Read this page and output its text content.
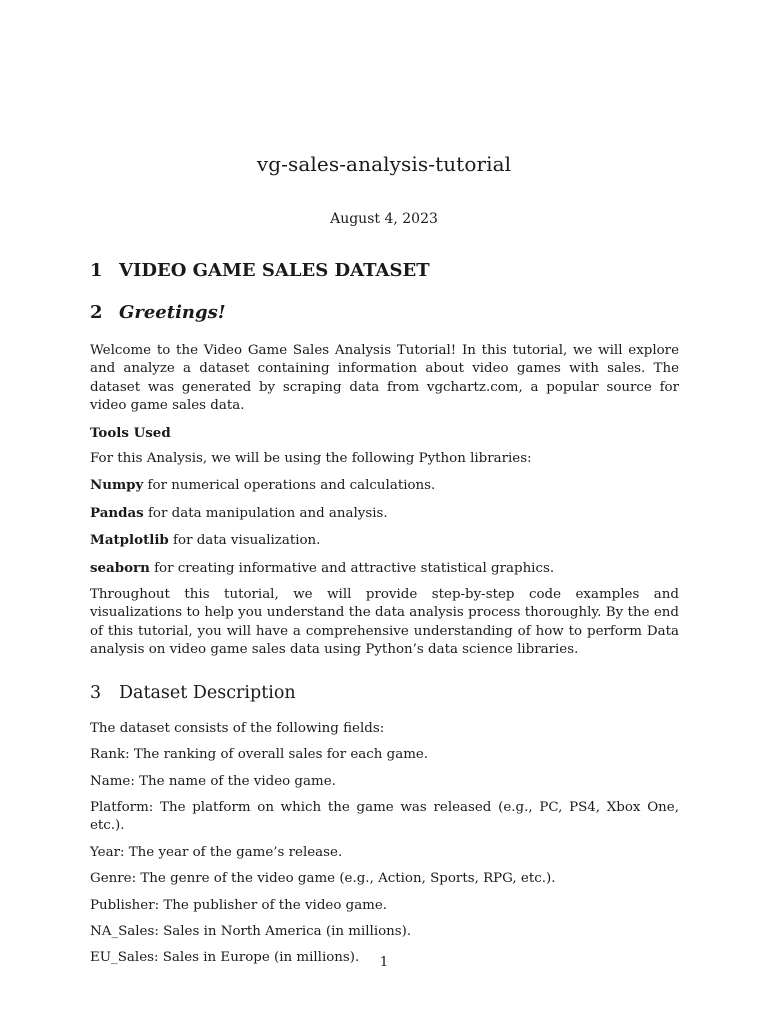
vg-sales-analysis-tutorial
August 4, 2023
1 VIDEO GAME SALES DATASET
2 Greetings!

Welcome to the Video Game Sales Analysis Tutorial! In this tutorial, we will explore and analyze a dataset containing information about video games with sales. The dataset was generated by scraping data from vgchartz.com, a popular source for video game sales data.

Tools Used

For this Analysis, we will be using the following Python libraries:

Numpy for numerical operations and calculations.

Pandas for data manipulation and analysis.

Matplotlib for data visualization.

seaborn for creating informative and attractive statistical graphics.

Throughout this tutorial, we will provide step-by-step code examples and visualizations to help you understand the data analysis process thoroughly. By the end of this tutorial, you will have a comprehensive understanding of how to perform Data analysis on video game sales data using Python’s data science libraries.

3 Dataset Description

The dataset consists of the following fields:

Rank: The ranking of overall sales for each game.

Name: The name of the video game.

Platform: The platform on which the game was released (e.g., PC, PS4, Xbox One, etc.).

Year: The year of the game’s release.

Genre: The genre of the video game (e.g., Action, Sports, RPG, etc.).

Publisher: The publisher of the video game.

NA_Sales: Sales in North America (in millions).

EU_Sales: Sales in Europe (in millions).	1
